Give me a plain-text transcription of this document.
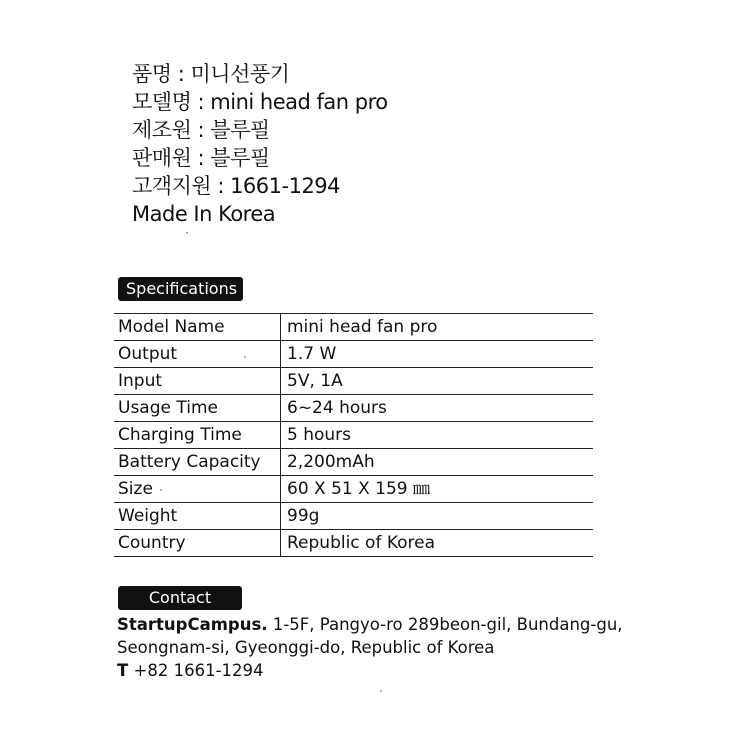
품명 : 미니선풍기
모델명 : mini head fan pro
제조원 : 블루필
판매원 : 블루필
고객지원 : 1661-1294
Made In Korea
Specifications
Model Name	mini head fan pro
Output	1.7 W
Input	5V, 1A
Usage Time	6~24 hours
Charging Time	5 hours
Battery Capacity	2,200mAh
Size	60 X 51 X 159 ㎜
Weight	99g
Country	Republic of Korea
Contact
StartupCampus. 1-5F, Pangyo-ro 289beon-gil, Bundang-gu,
Seongnam-si, Gyeonggi-do, Republic of Korea
T +82 1661-1294
